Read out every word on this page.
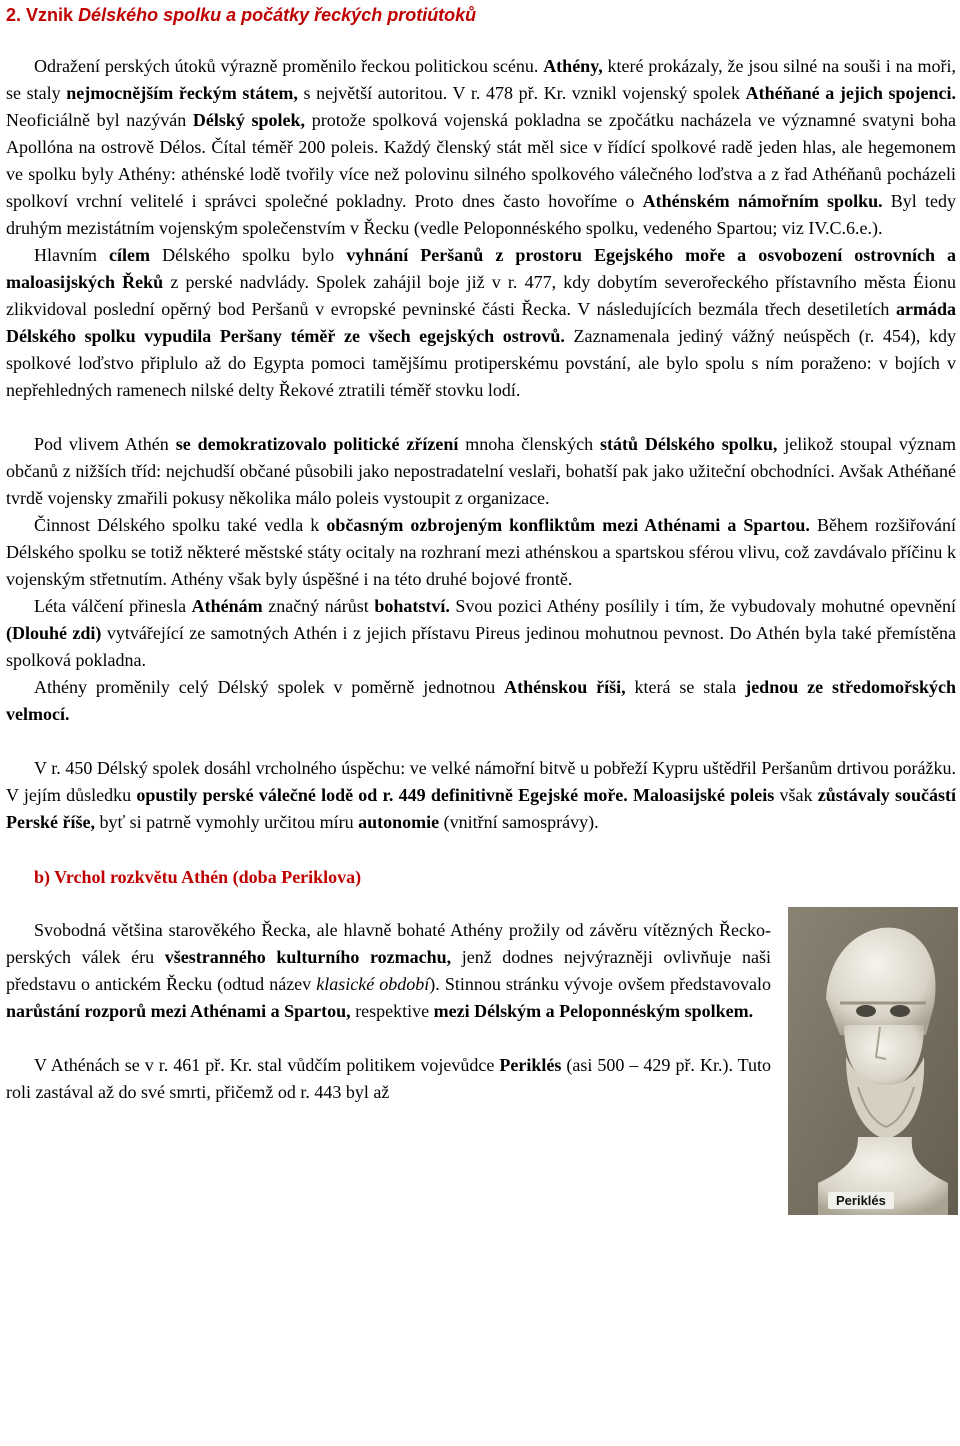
2. Vznik Délského spolku a počátky řeckých protiútoků

Odražení perských útoků výrazně proměnilo řeckou politickou scénu. Athény, které prokázaly, že jsou silné na souši i na moři, se staly nejmocnějším řeckým státem, s největší autoritou. V r. 478 př. Kr. vznikl vojenský spolek Athéňané a jejich spojenci. Neoficiálně byl nazýván Délský spolek, protože spolková vojenská pokladna se zpočátku nacházela ve významné svatyni boha Apollóna na ostrově Délos. Čítal téměř 200 poleis. Každý členský stát měl sice v řídící spolkové radě jeden hlas, ale hegemonem ve spolku byly Athény: athénské lodě tvořily více než polovinu silného spolkového válečného loďstva a z řad Athéňanů pocházeli spolkoví vrchní velitelé i správci společné pokladny. Proto dnes často hovoříme o Athénském námořním spolku. Byl tedy druhým mezistátním vojenským společenstvím v Řecku (vedle Peloponnéského spolku, vedeného Spartou; viz IV.C.6.e.).

Hlavním cílem Délského spolku bylo vyhnání Peršanů z prostoru Egejského moře a osvobození ostrovních a maloasijských Řeků z perské nadvlády. Spolek zahájil boje již v r. 477, kdy dobytím severořeckého přístavního města Éionu zlikvidoval poslední opěrný bod Peršanů v evropské pevninské části Řecka. V následujících bezmála třech desetiletích armáda Délského spolku vypudila Peršany téměř ze všech egejských ostrovů. Zaznamenala jediný vážný neúspěch (r. 454), kdy spolkové loďstvo připlulo až do Egypta pomoci tamějšímu protiperskému povstání, ale bylo spolu s ním poraženo: v bojích v nepřehledných ramenech nilské delty Řekové ztratili téměř stovku lodí.

Pod vlivem Athén se demokratizovalo politické zřízení mnoha členských států Délského spolku, jelikož stoupal význam občanů z nižších tříd: nejchudší občané působili jako nepostradatelní veslaři, bohatší pak jako užiteční obchodníci. Avšak Athéňané tvrdě vojensky zmařili pokusy několika málo poleis vystoupit z organizace.

Činnost Délského spolku také vedla k občasným ozbrojeným konfliktům mezi Athénami a Spartou. Během rozšiřování Délského spolku se totiž některé městské státy ocitaly na rozhraní mezi athénskou a spartskou sférou vlivu, což zavdávalo příčinu k vojenským střetnutím. Athény však byly úspěšné i na této druhé bojové frontě.

Léta válčení přinesla Athénám značný nárůst bohatství. Svou pozici Athény posílily i tím, že vybudovaly mohutné opevnění (Dlouhé zdi) vytvářející ze samotných Athén i z jejich přístavu Pireus jedinou mohutnou pevnost. Do Athén byla také přemístěna spolková pokladna.

Athény proměnily celý Délský spolek v poměrně jednotnou Athénskou říši, která se stala jednou ze středomořských velmocí.

V r. 450 Délský spolek dosáhl vrcholného úspěchu: ve velké námořní bitvě u pobřeží Kypru uštědřil Peršanům drtivou porážku. V jejím důsledku opustily perské válečné lodě od r. 449 definitivně Egejské moře. Maloasijské poleis však zůstávaly součástí Perské říše, byť si patrně vymohly určitou míru autonomie (vnitřní samosprávy).

b) Vrchol rozkvětu Athén (doba Periklova)

Svobodná většina starověkého Řecka, ale hlavně bohaté Athény prožily od závěru vítězných Řecko-perských válek éru všestranného kulturního rozmachu, jenž dodnes nejvýrazněji ovlivňuje naši představu o antickém Řecku (odtud název klasické období). Stinnou stránku vývoje ovšem představovalo narůstání rozporů mezi Athénami a Spartou, respektive mezi Délským a Peloponnéským spolkem.

V Athénách se v r. 461 př. Kr. stal vůdčím politikem vojevůdce Periklés (asi 500 – 429 př. Kr.). Tuto roli zastával až do své smrti, přičemž od r. 443 byl až

Periklés
